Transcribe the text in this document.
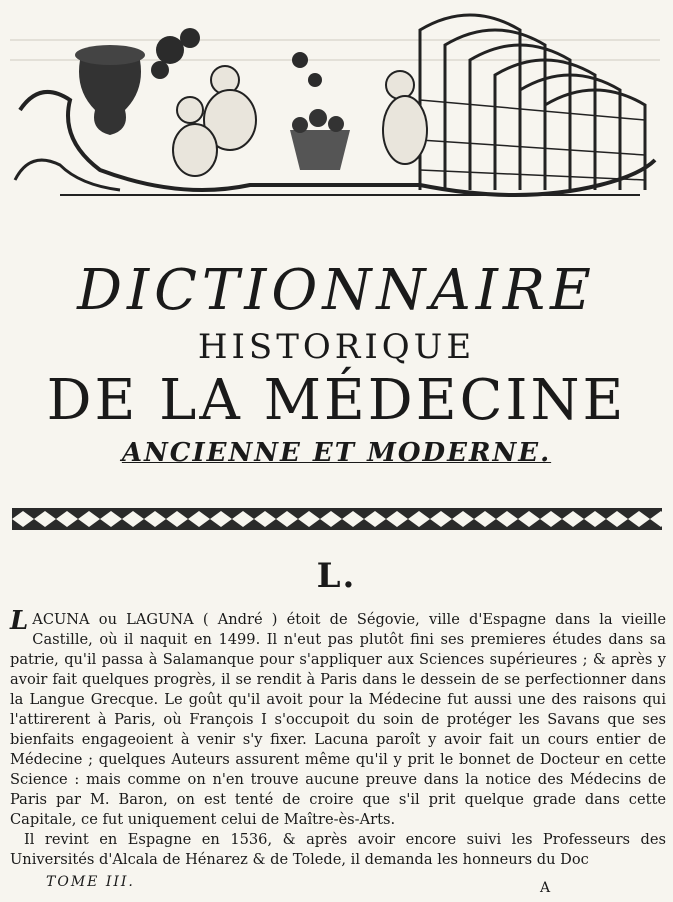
DICTIONNAIRE
HISTORIQUE
DE LA MÉDECINE
ANCIENNE ET MODERNE.
L.

LACUNA ou LAGUNA ( André ) étoit de Ségovie, ville d'Espagne dans la vieille Castille, où il naquit en 1499. Il n'eut pas plutôt fini ses premieres études dans sa patrie, qu'il passa à Salamanque pour s'appliquer aux Sciences supérieures ; & après y avoir fait quelques progrès, il se rendit à Paris dans le dessein de se perfectionner dans la Langue Grecque. Le goût qu'il avoit pour la Médecine fut aussi une des raisons qui l'attirerent à Paris, où François I s'occupoit du soin de protéger les Savans que ses bienfaits engageoient à venir s'y fixer. Lacuna paroît y avoir fait un cours entier de Médecine ; quelques Auteurs assurent même qu'il y prit le bonnet de Docteur en cette Science : mais comme on n'en trouve aucune preuve dans la notice des Médecins de Paris par M. Baron, on est tenté de croire que s'il prit quelque grade dans cette Capitale, ce fut uniquement celui de Maître-ès-Arts.

Il revint en Espagne en 1536, & après avoir encore suivi les Professeurs des Universités d'Alcala de Hénarez & de Tolede, il demanda les honneurs du Doc

TOME III.	A
